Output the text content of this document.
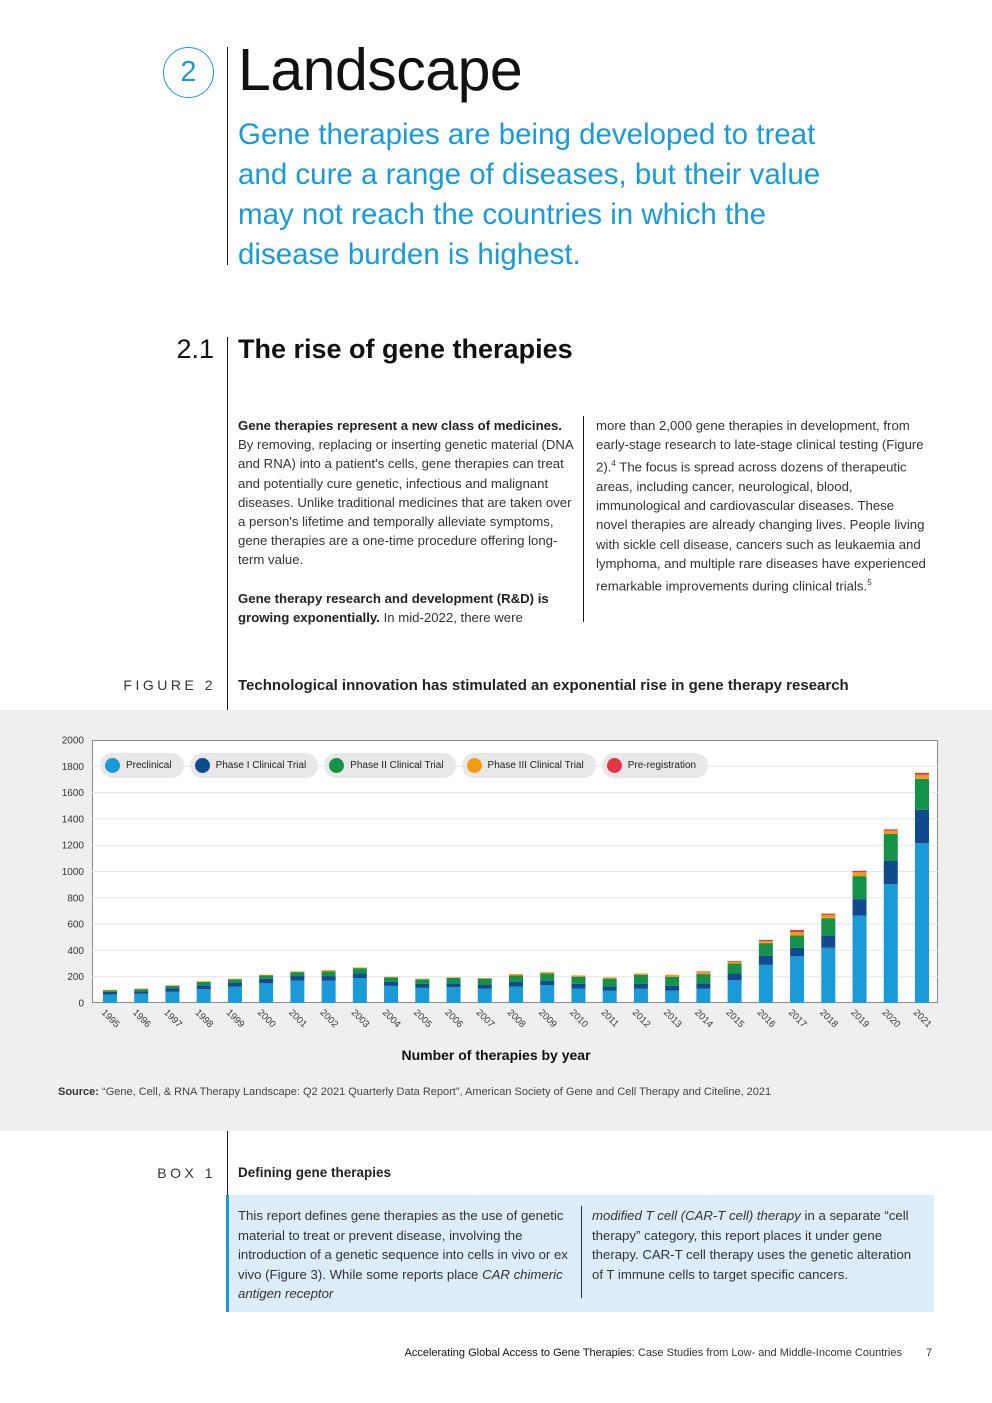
2 Landscape

Gene therapies are being developed to treat and cure a range of diseases, but their value may not reach the countries in which the disease burden is highest.

2.1 The rise of gene therapies

Gene therapies represent a new class of medicines. By removing, replacing or inserting genetic material (DNA and RNA) into a patient's cells, gene therapies can treat and potentially cure genetic, infectious and malignant diseases. Unlike traditional medicines that are taken over a person's lifetime and temporally alleviate symptoms, gene therapies are a one-time procedure offering long-term value.

Gene therapy research and development (R&D) is growing exponentially. In mid-2022, there were

more than 2,000 gene therapies in development, from early-stage research to late-stage clinical testing (Figure 2).$^4$ The focus is spread across dozens of therapeutic areas, including cancer, neurological, blood, immunological and cardiovascular diseases. These novel therapies are already changing lives. People living with sickle cell disease, cancers such as leukaemia and lymphoma, and multiple rare diseases have experienced remarkable improvements during clinical trials.$^5$

FIGURE 2 Technological innovation has stimulated an exponential rise in gene therapy research
0
200
400
600
800
1000
1200
1400
1600
1800
2000
1995 1996 1997 1998 1999 2000 2001 2002 2003 2004 2005 2006 2007 2008 2009 2010 2011 2012 2013 2014 2015 2016 2017 2018 2019 2020 2021
Preclinical	Phase I Clinical Trial	Phase II Clinical Trial	Phase III Clinical Trial	Pre-registration
Number of therapies by year
Source: “Gene, Cell, & RNA Therapy Landscape: Q2 2021 Quarterly Data Report”, American Society of Gene and Cell Therapy and Citeline, 2021
BOX 1 Defining gene therapies
This report defines gene therapies as the use of genetic material to treat or prevent disease, involving the introduction of a genetic sequence into cells in vivo or ex vivo (Figure 3). While some reports place CAR chimeric antigen receptor
modified T cell (CAR-T cell) therapy in a separate “cell therapy” category, this report places it under gene therapy. CAR-T cell therapy uses the genetic alteration of T immune cells to target specific cancers.
Accelerating Global Access to Gene Therapies: Case Studies from Low- and Middle-Income Countries 7
